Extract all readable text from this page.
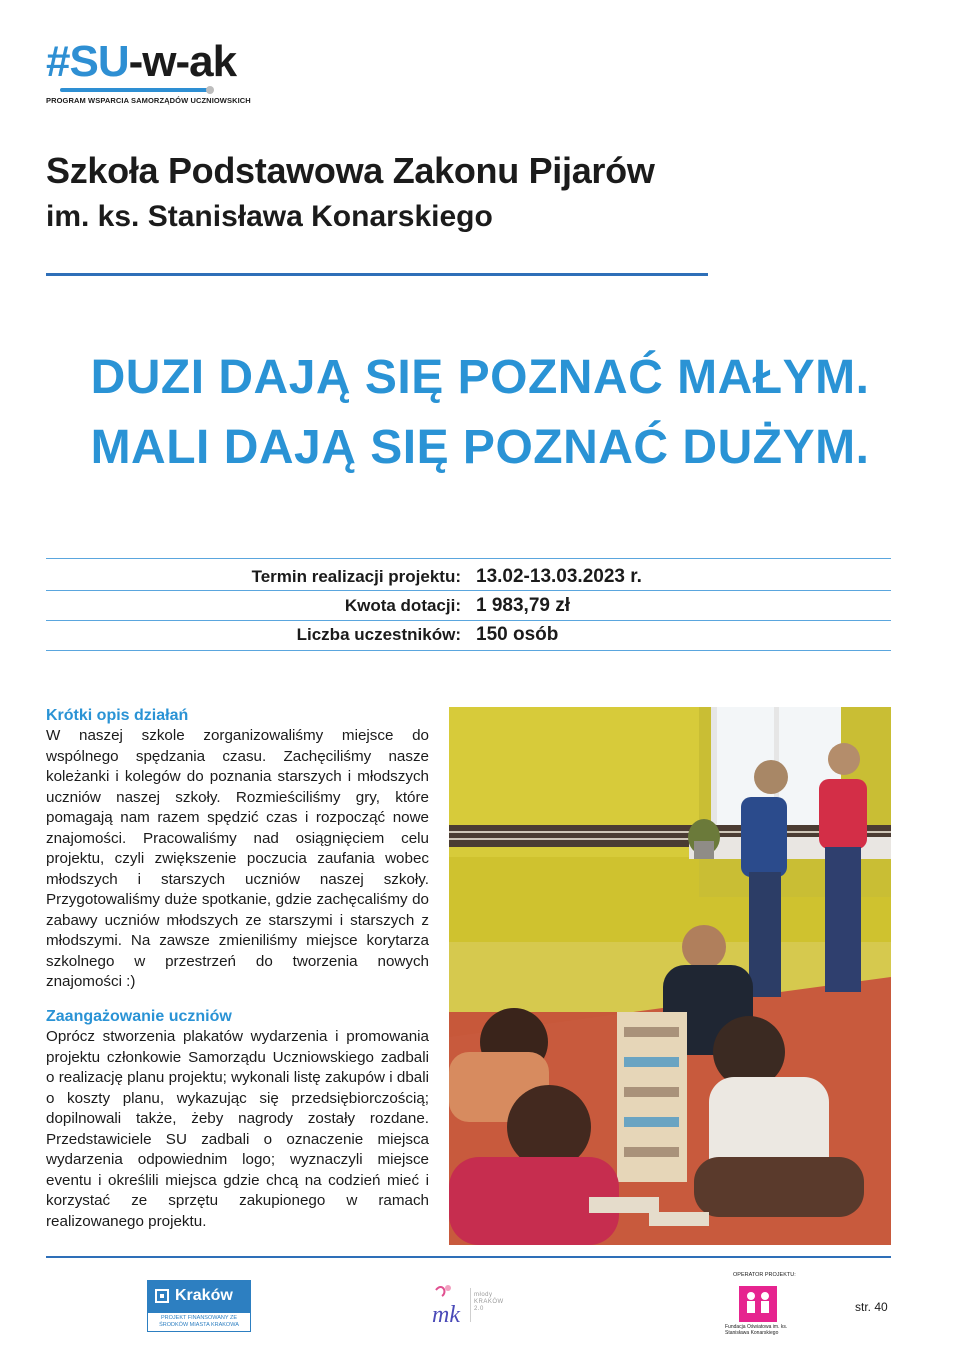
#SU-w-ak
PROGRAM WSPARCIA SAMORZĄDÓW UCZNIOWSKICH
Szkoła Podstawowa Zakonu Pijarów
im. ks. Stanisława Konarskiego
DUZI DAJĄ SIĘ POZNAĆ MAŁYM.
MALI DAJĄ SIĘ POZNAĆ DUŻYM.
Termin realizacji projektu: 13.02-13.03.2023 r.
Kwota dotacji: 1 983,79 zł
Liczba uczestników: 150 osób
Krótki opis działań
W naszej szkole zorganizowaliśmy miejsce do wspólnego spędzania czasu. Zachęciliśmy nasze koleżanki i kolegów do poznania starszych i młodszych uczniów naszej szkoły. Rozmieściliśmy gry, które pomagają nam razem spędzić czas i rozpocząć nowe znajomości. Pracowaliśmy nad osiągnięciem celu projektu, czyli zwiększenie poczucia zaufania wobec młodszych i starszych uczniów naszej szkoły. Przygotowaliśmy duże spotkanie, gdzie zachęcaliśmy do zabawy uczniów młodszych ze starszymi i starszych z młodszymi. Na zawsze zmieniliśmy miejsce korytarza szkolnego w przestrzeń do tworzenia nowych znajomości :)
Zaangażowanie uczniów
Oprócz stworzenia plakatów wydarzenia i promowania projektu członkowie Samorządu Uczniowskiego zadbali o realizację planu projektu; wykonali listę zakupów i dbali o koszty planu, wykazując się przedsiębiorczością; dopilnowali także, żeby nagrody zostały rozdane. Przedstawiciele SU zadbali o oznaczenie miejsca wydarzenia odpowiednim logo; wyznaczyli miejsce eventu i określili miejsca gdzie chcą na codzień mieć i korzystać ze sprzętu zakupionego w ramach realizowanego projektu.
Kraków
PROJEKT FINANSOWANY ZE ŚRODKÓW MIASTA KRAKOWA	mk
młody KRAKÓW 2.0
OPERATOR PROJEKTU:
Fundacja Oświatowa im. ks. Stanisława Konarskiego
str. 40
